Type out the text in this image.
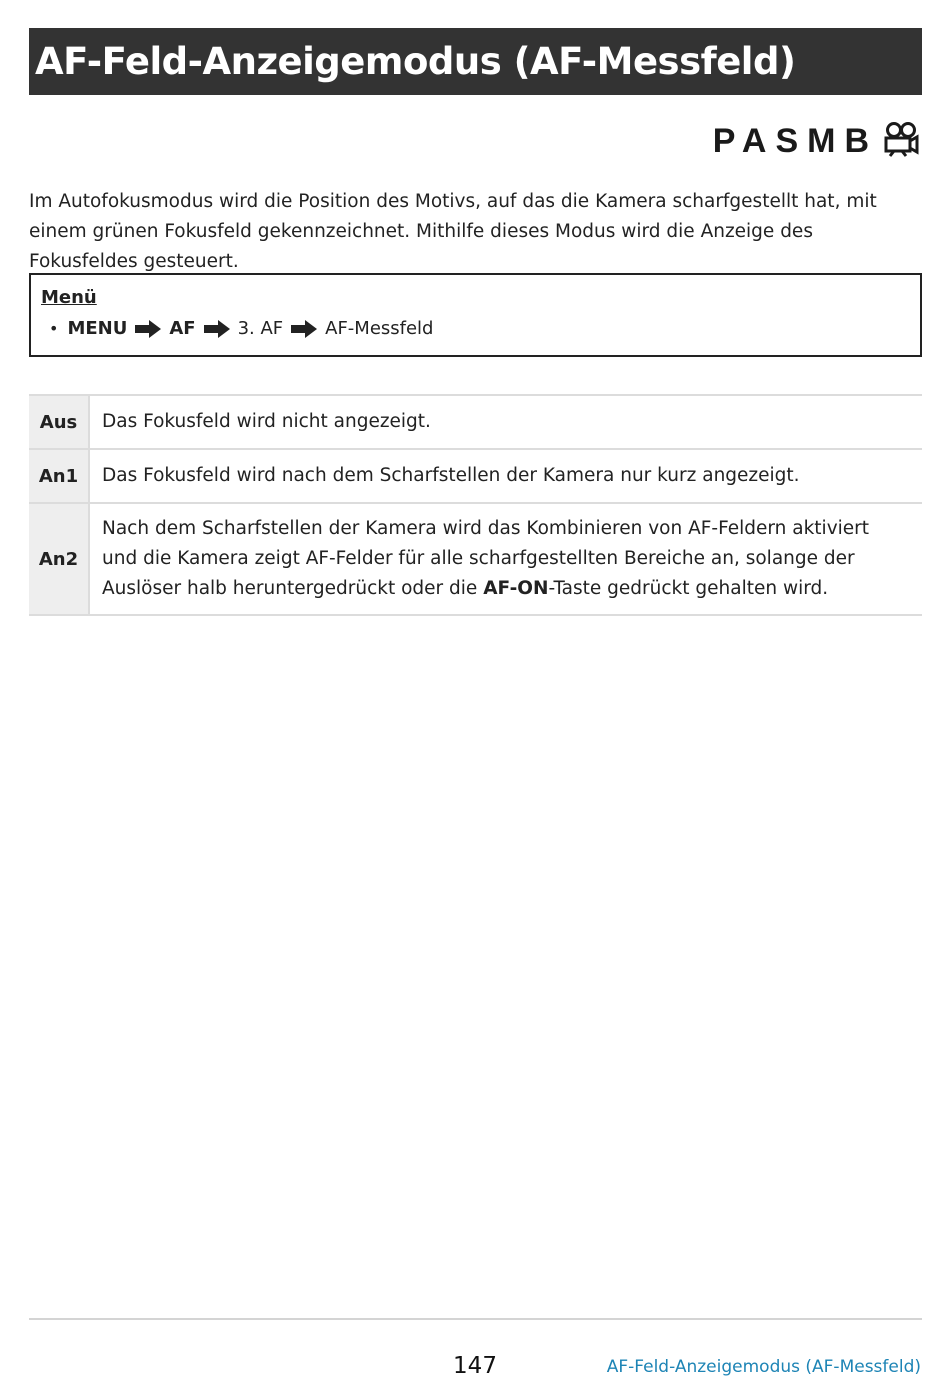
AF-Feld-Anzeigemodus (AF-Messfeld)
PASMB

Im Autofokusmodus wird die Position des Motivs, auf das die Kamera scharfgestellt hat, mit einem grünen Fokusfeld gekennzeichnet. Mithilfe dieses Modus wird die Anzeige des Fokusfeldes gesteuert.

Menü

• MENU AF 3. AF AF-Messfeld
Aus	Das Fokusfeld wird nicht angezeigt.
An1	Das Fokusfeld wird nach dem Scharfstellen der Kamera nur kurz angezeigt.
An2	Nach dem Scharfstellen der Kamera wird das Kombinieren von AF-Feldern aktiviert und die Kamera zeigt AF-Felder für alle scharfgestellten Bereiche an, solange der Auslöser halb heruntergedrückt oder die AF-ON-Taste gedrückt gehalten wird.
147	AF-Feld-Anzeigemodus (AF-Messfeld)
